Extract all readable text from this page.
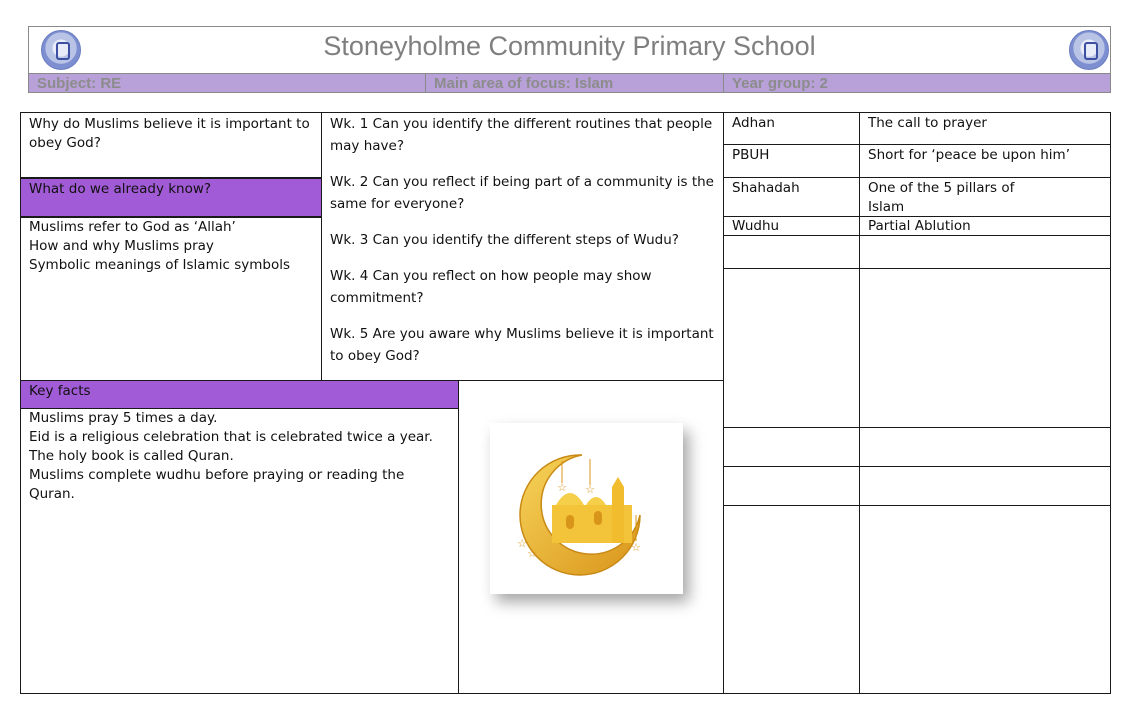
Stoneyholme Community Primary School
Subject: RE	Main area of focus: Islam	Year group: 2
Why do Muslims believe it is important to obey God?
What do we already know?
Muslims refer to God as ‘Allah’
How and why Muslims pray
Symbolic meanings of Islamic symbols

Wk. 1 Can you identify the different routines that people may have?

Wk. 2 Can you reflect if being part of a community is the same for everyone?

Wk. 3 Can you identify the different steps of Wudu?

Wk. 4 Can you reflect on how people may show commitment?

Wk. 5 Are you aware why Muslims believe it is important to obey God?

Key facts
Muslims pray 5 times a day.
Eid is a religious celebration that is celebrated twice a year.
The holy book is called Quran.
Muslims complete wudhu before praying or reading the Quran.	☆ ☆
☆
☆
☆
Adhan	The call to prayer
PBUH	Short for ‘peace be upon him’
Shahadah	One of the 5 pillars of Islam
Wudhu	Partial Ablution
